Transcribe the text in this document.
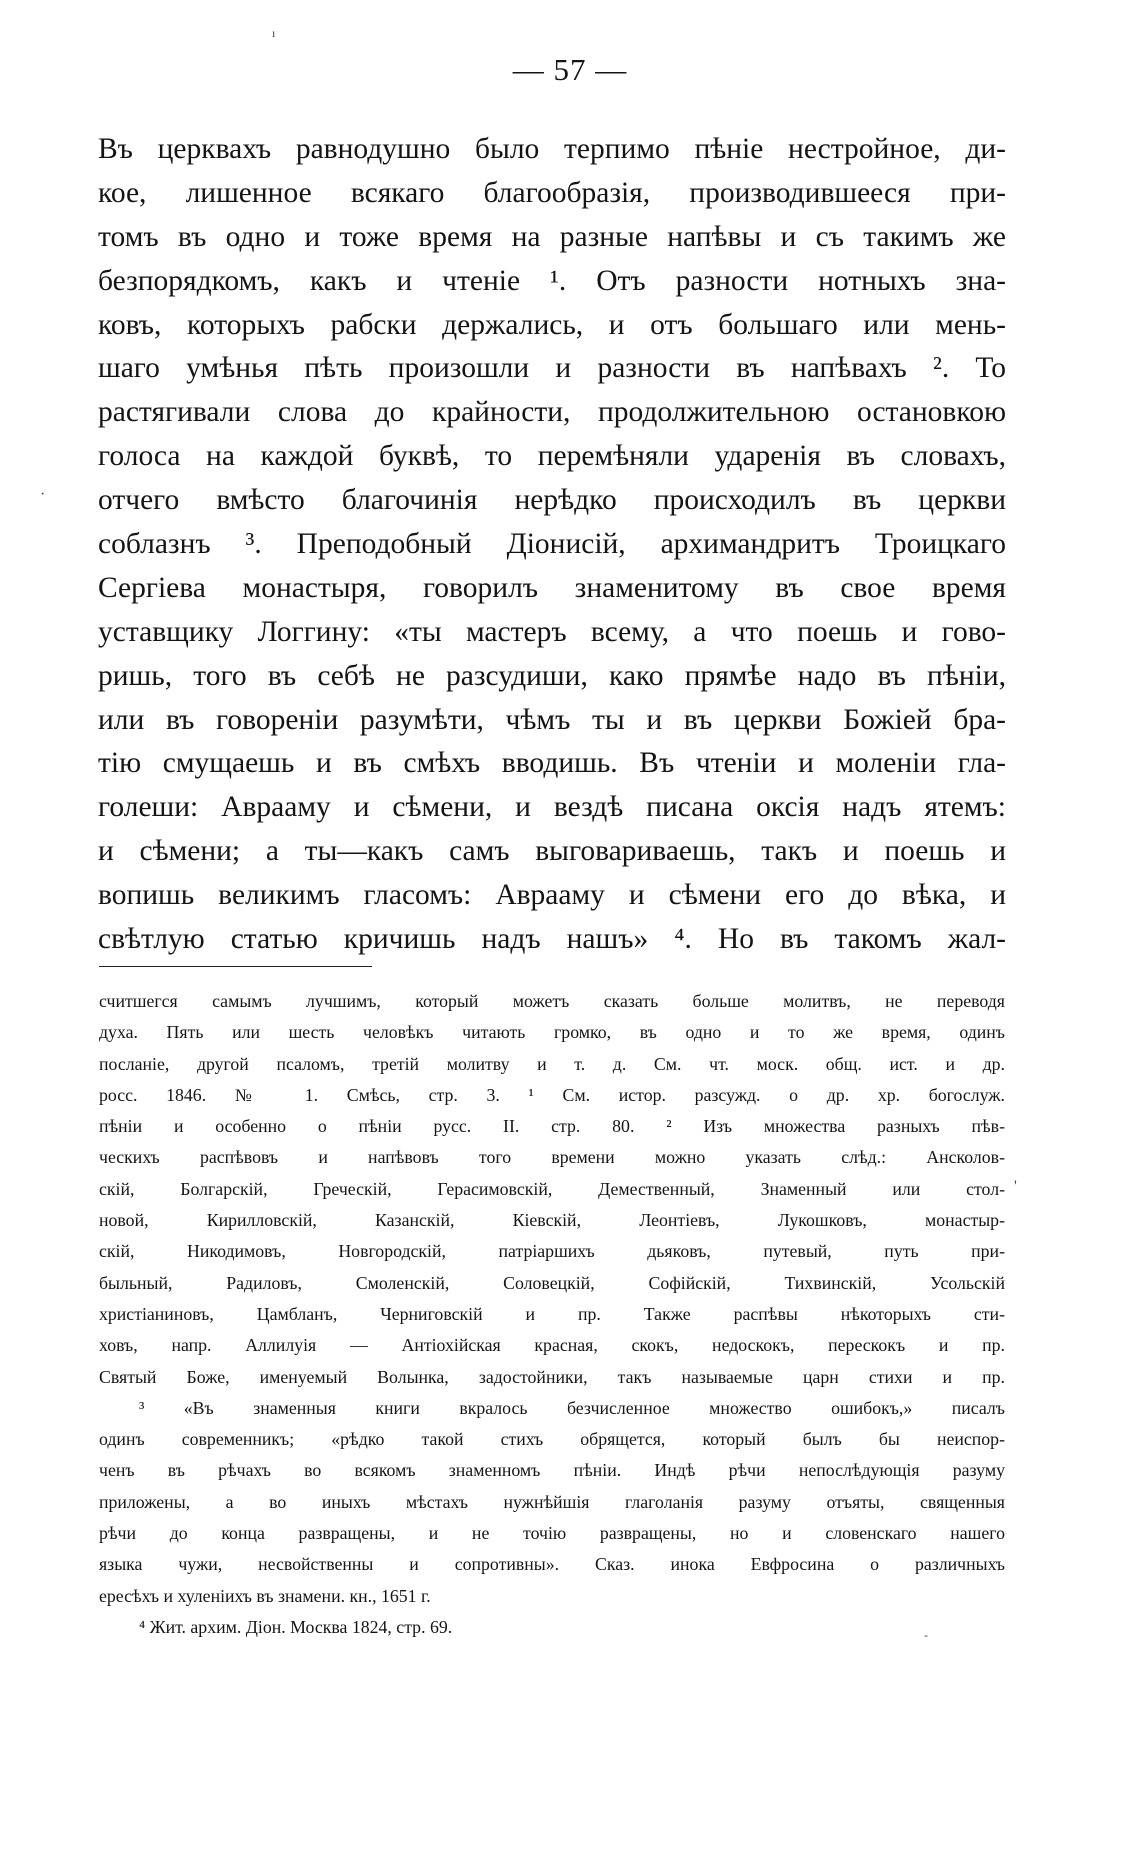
ı
·
'
-
— 57 —
Въ церквахъ равнодушно было терпимо пѣніе нестройное, ди-
кое, лишенное всякаго благообразія, производившееся при-
томъ въ одно и тоже время на разные напѣвы и съ такимъ же
безпорядкомъ, какъ и чтеніе ¹. Отъ разности нотныхъ зна-
ковъ, которыхъ рабски держались, и отъ большаго или мень-
шаго умѣнья пѣть произошли и разности въ напѣвахъ ². То
растягивали слова до крайности, продолжительною остановкою
голоса на каждой буквѣ, то перемѣняли ударенія въ словахъ,
отчего вмѣсто благочинія нерѣдко происходилъ въ церкви
соблазнъ ³. Преподобный Діонисій, архимандритъ Троицкаго
Сергіева монастыря, говорилъ знаменитому въ свое время
уставщику Логгину: «ты мастеръ всему, а что поешь и гово-
ришь, того въ себѣ не разсудиши, како прямѣе надо въ пѣніи,
или въ говореніи разумѣти, чѣмъ ты и въ церкви Божіей бра-
тію смущаешь и въ смѣхъ вводишь. Въ чтеніи и моленіи гла-
голеши: Аврааму и сѣмени, и вездѣ писана оксія надъ ятемъ:
и сѣмени; а ты—какъ самъ выговариваешь, такъ и поешь и
вопишь великимъ гласомъ: Аврааму и сѣмени его до вѣка, и
свѣтлую статью кричишь надъ нашъ» ⁴. Но въ такомъ жал-
считшегся самымъ лучшимъ, который можетъ сказать больше молитвъ, не переводя
духа. Пять или шесть человѣкъ читають громко, въ одно и то же время, одинъ
посланіе, другой псаломъ, третій молитву и т. д. См. чт. моск. общ. ист. и др.
росс. 1846. № 1. Смѣсь, стр. 3. ¹ См. истор. разсужд. о др. хр. богослуж.
пѣніи и особенно о пѣніи русс. II. стр. 80. ² Изъ множества разныхъ пѣв-
ческихъ распѣвовъ и напѣвовъ того времени можно указать слѣд.: Ансколов-
скій, Болгарскій, Греческій, Герасимовскій, Демественный, Знаменный или стол-
новой, Кирилловскій, Казанскій, Кіевскій, Леонтіевъ, Лукошковъ, монастыр-
скій, Никодимовъ, Новгородскій, патріаршихъ дьяковъ, путевый, путь при-
быльный, Радиловъ, Смоленскій, Соловецкій, Софійскій, Тихвинскій, Усольскій
христіаниновъ, Цамбланъ, Черниговскій и пр. Также распѣвы нѣкоторыхъ сти-
ховъ, напр. Аллилуія — Антіохійская красная, скокъ, недоскокъ, перескокъ и пр.
Святый Боже, именуемый Волынка, задостойники, такъ называемые царн стихи и пр.
³ «Въ знаменныя книги вкралось безчисленное множество ошибокъ,» писалъ
одинъ современникъ; «рѣдко такой стихъ обрящется, который былъ бы неиспор-
ченъ въ рѣчахъ во всякомъ знаменномъ пѣніи. Индѣ рѣчи непослѣдующія разуму
приложены, а во иныхъ мѣстахъ нужнѣйшія глаголанія разуму отъяты, священныя
рѣчи до конца развращены, и не точію развращены, но и словенскаго нашего
языка чужи, несвойственны и сопротивны». Сказ. инока Евфросина о различныхъ
ересѣхъ и хуленіихъ въ знамени. кн., 1651 г.
⁴ Жит. архим. Діон. Москва 1824, стр. 69.
